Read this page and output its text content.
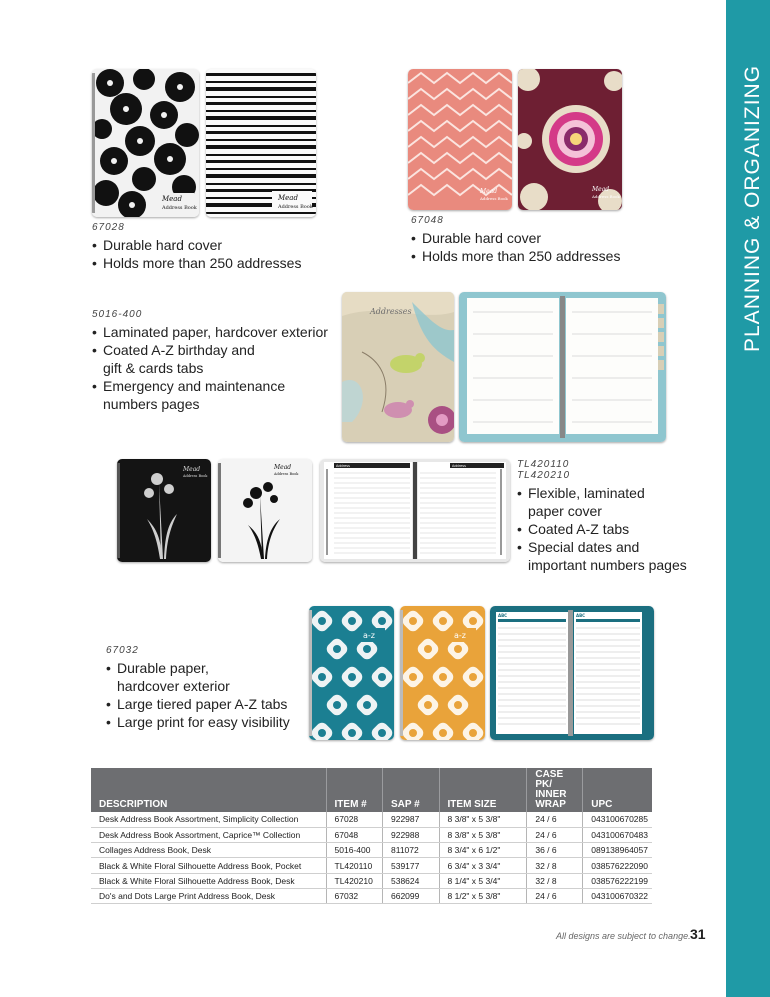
PLANNING & ORGANIZING
Mead
Address Book
Mead
Address Book
67028
• Durable hard cover
• Holds more than 250 addresses
Mead
Address Book
Mead
Address Book
67048
• Durable hard cover
• Holds more than 250 addresses
5016-400
• Laminated paper, hardcover exterior
• Coated A-Z birthday and gift & cards tabs
• Emergency and maintenance numbers pages
Addresses
Mead
Address Book
Mead
Address Book
Address	Address	TL420110
TL420210
• Flexible, laminated paper cover
• Coated A-Z tabs
• Special dates and important numbers pages
67032
• Durable paper, hardcover exterior
• Large tiered paper A-Z tabs
• Large print for easy visibility
a-z	a-z
ABC	ABC
DESCRIPTION	ITEM #	SAP #	ITEM SIZE	CASE PK/ INNER WRAP	UPC
Desk Address Book Assortment, Simplicity Collection	67028	922987	8 3/8" x 5 3/8"	24 / 6	043100670285
Desk Address Book Assortment, Caprice™ Collection	67048	922988	8 3/8" x 5 3/8"	24 / 6	043100670483
Collages Address Book, Desk	5016-400	811072	8 3/4" x 6 1/2"	36 / 6	089138964057
Black & White Floral Silhouette Address Book, Pocket	TL420110	539177	6 3/4" x 3 3/4"	32 / 8	038576222090
Black & White Floral Silhouette Address Book, Desk	TL420210	538624	8 1/4" x 5 3/4"	32 / 8	038576222199
Do's and Dots Large Print Address Book, Desk	67032	662099	8 1/2" x 5 3/8"	24 / 6	043100670322
All designs are subject to change. 31
